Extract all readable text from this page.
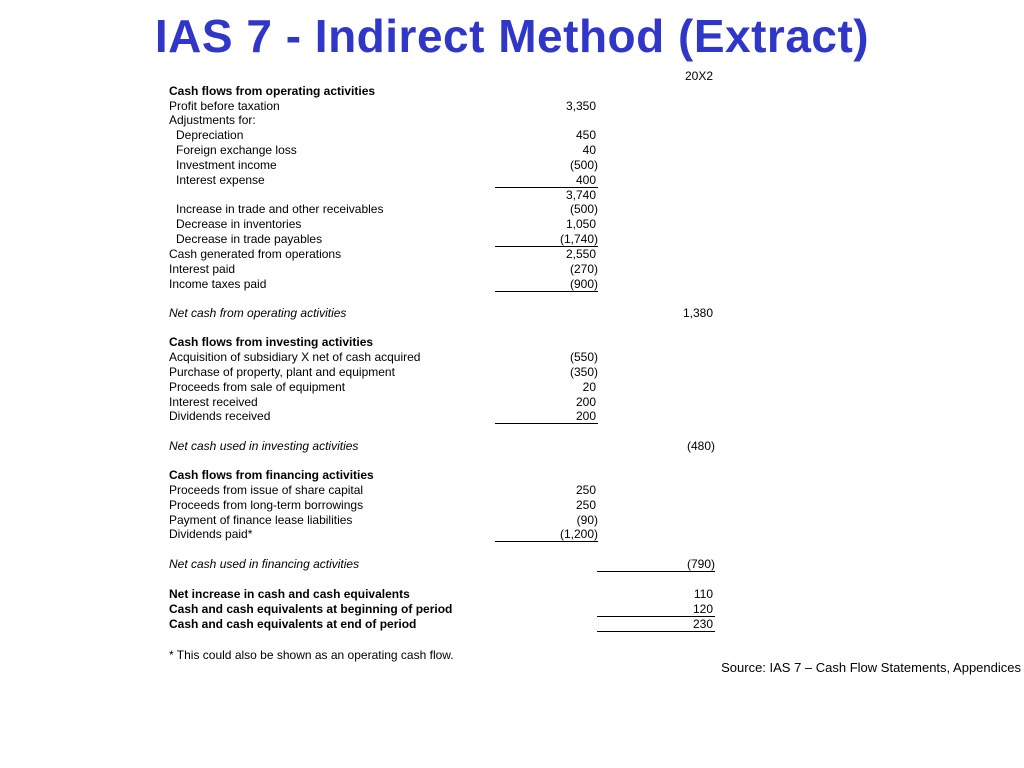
IAS 7 - Indirect Method (Extract)
20X2
Cash flows from operating activities
Profit before taxation	3,350
Adjustments for:
Depreciation	450
Foreign exchange loss	40
Investment income	(500)
Interest expense	400
3,740
Increase in trade and other receivables	(500)
Decrease in inventories	1,050
Decrease in trade payables	(1,740)
Cash generated from operations	2,550
Interest paid	(270)
Income taxes paid	(900)
Net cash from operating activities	1,380
Cash flows from investing activities
Acquisition of subsidiary X net of cash acquired	(550)
Purchase of property, plant and equipment	(350)
Proceeds from sale of equipment	20
Interest received	200
Dividends received	200
Net cash used in investing activities	(480)
Cash flows from financing activities
Proceeds from issue of share capital	250
Proceeds from long-term borrowings	250
Payment of finance lease liabilities	(90)
Dividends paid*	(1,200)
Net cash used in financing activities	(790)
Net increase in cash and cash equivalents	110
Cash and cash equivalents at beginning of period	120
Cash and cash equivalents at end of period	230
* This could also be shown as an operating cash flow.
Source: IAS 7 – Cash Flow Statements, Appendices
